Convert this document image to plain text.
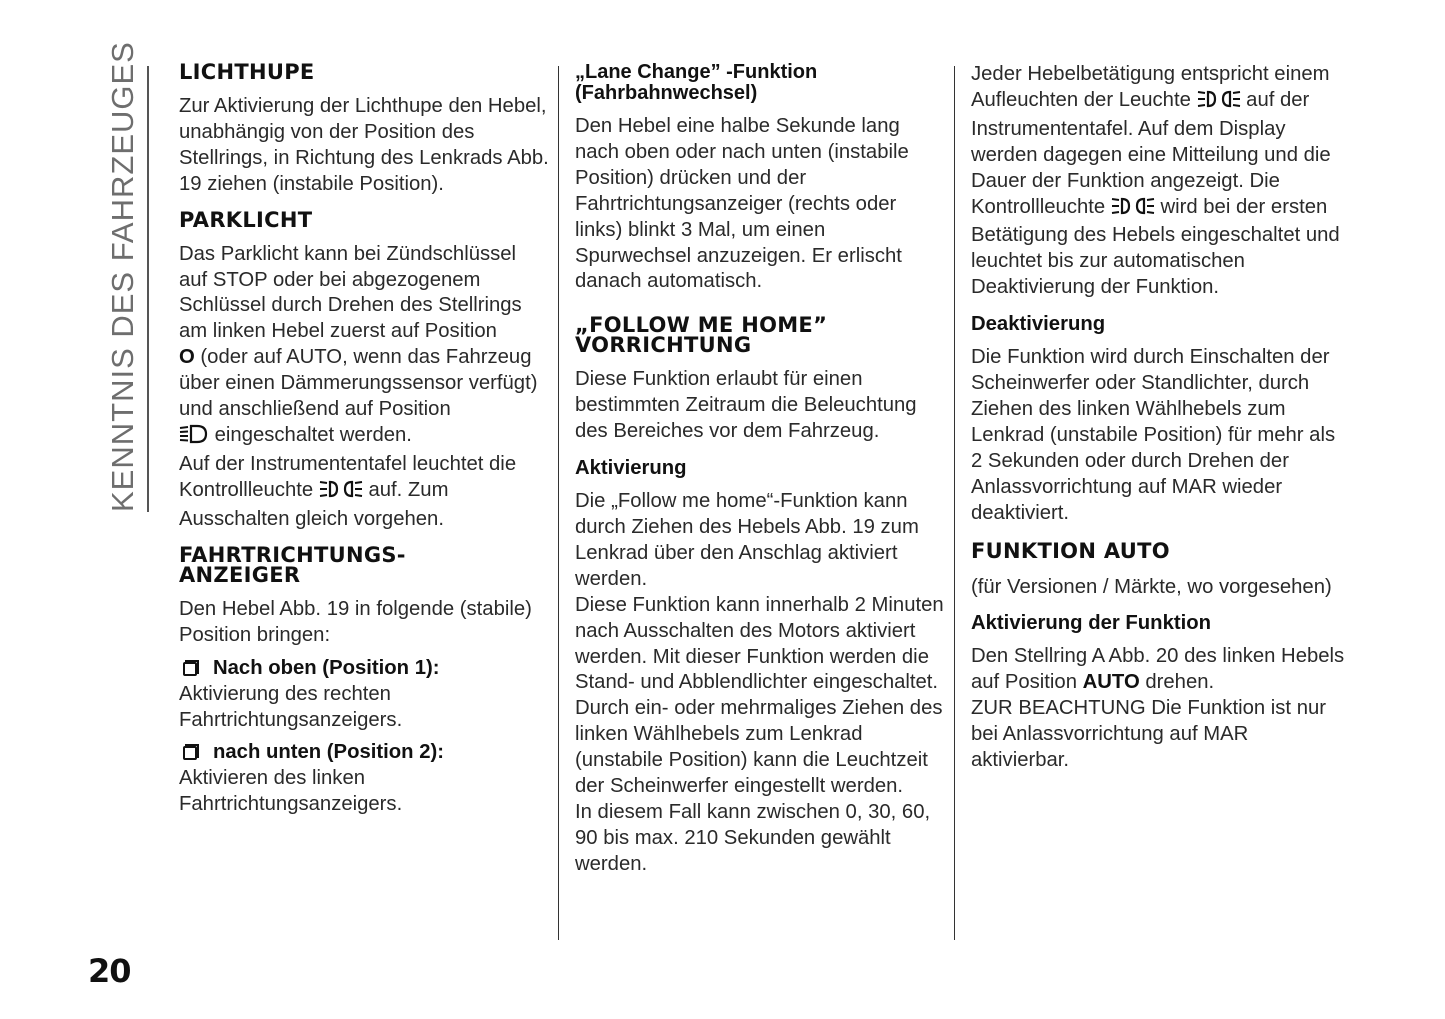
KENNTNIS DES FAHRZEUGES
20
LICHTHUPE

Zur Aktivierung der Lichthupe den Hebel, unabhängig von der Position des Stellrings, in Richtung des Lenkrads Abb. 19 ziehen (instabile Position).

PARKLICHT

Das Parklicht kann bei Zündschlüssel auf STOP oder bei abgezogenem Schlüssel durch Drehen des Stellrings am linken Hebel zuerst auf Position
O (oder auf AUTO, wenn das Fahrzeug über einen Dämmerungssensor verfügt) und anschließend auf Position
eingeschaltet werden.
Auf der Instrumententafel leuchtet die Kontrollleuchte  auf. Zum Ausschalten gleich vorgehen.

FAHRTRICHTUNGS-
ANZEIGER

Den Hebel Abb. 19 in folgende (stabile) Position bringen:

Nach oben (Position 1):

Aktivierung des rechten Fahrtrichtungsanzeigers.

nach unten (Position 2):

Aktivieren des linken Fahrtrichtungsanzeigers.

„Lane Change” -Funktion
(Fahrbahnwechsel)

Den Hebel eine halbe Sekunde lang nach oben oder nach unten (instabile Position) drücken und der Fahrtrichtungsanzeiger (rechts oder links) blinkt 3 Mal, um einen Spurwechsel anzuzeigen. Er erlischt danach automatisch.

„FOLLOW ME HOME”
VORRICHTUNG

Diese Funktion erlaubt für einen bestimmten Zeitraum die Beleuchtung des Bereiches vor dem Fahrzeug.

Aktivierung

Die „Follow me home“-Funktion kann durch Ziehen des Hebels Abb. 19 zum Lenkrad über den Anschlag aktiviert werden.

Diese Funktion kann innerhalb 2 Minuten nach Ausschalten des Motors aktiviert werden. Mit dieser Funktion werden die Stand- und Abblendlichter eingeschaltet.

Durch ein- oder mehrmaliges Ziehen des linken Wählhebels zum Lenkrad (unstabile Position) kann die Leuchtzeit der Scheinwerfer eingestellt werden.

In diesem Fall kann zwischen 0, 30, 60, 90 bis max. 210 Sekunden gewählt werden.

Jeder Hebelbetätigung entspricht einem Aufleuchten der Leuchte  auf der Instrumententafel. Auf dem Display werden dagegen eine Mitteilung und die Dauer der Funktion angezeigt. Die Kontrollleuchte  wird bei der ersten Betätigung des Hebels eingeschaltet und leuchtet bis zur automatischen Deaktivierung der Funktion.

Deaktivierung

Die Funktion wird durch Einschalten der Scheinwerfer oder Standlichter, durch Ziehen des linken Wählhebels zum Lenkrad (unstabile Position) für mehr als 2 Sekunden oder durch Drehen der Anlassvorrichtung auf MAR wieder deaktiviert.

FUNKTION AUTO

(für Versionen / Märkte, wo vorgesehen)

Aktivierung der Funktion

Den Stellring A Abb. 20 des linken Hebels auf Position AUTO drehen.

ZUR BEACHTUNG Die Funktion ist nur bei Anlassvorrichtung auf MAR aktivierbar.
